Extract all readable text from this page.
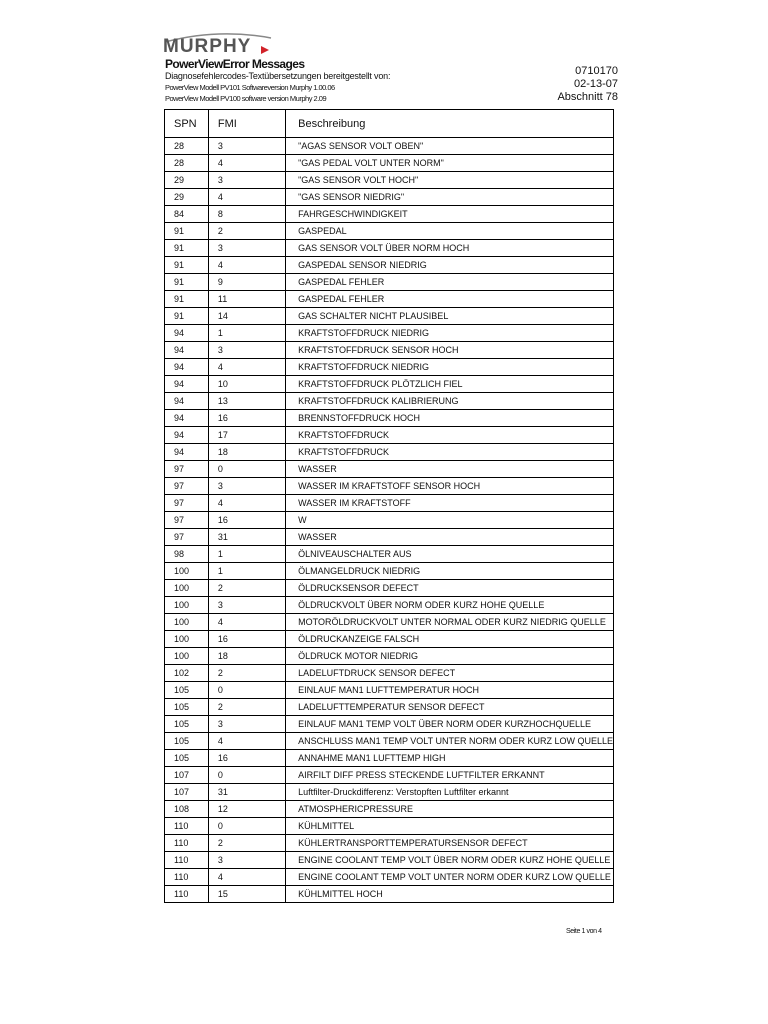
MURPHY
PowerViewError Messages
Diagnosefehlercodes-Textübersetzungen bereitgestellt von:
PowerView Modell PV101 Softwareversion Murphy 1.00.06
PowerView Modell PV100 software version Murphy 2.09
0710170
02-13-07
Abschnitt 78
SPN	FMI	Beschreibung
28	3	"AGAS SENSOR VOLT OBEN"
28	4	"GAS PEDAL VOLT UNTER NORM"
29	3	"GAS SENSOR VOLT HOCH"
29	4	"GAS SENSOR NIEDRIG"
84	8	FAHRGESCHWINDIGKEIT
91	2	GASPEDAL
91	3	GAS SENSOR VOLT ÜBER NORM HOCH
91	4	GASPEDAL SENSOR NIEDRIG
91	9	GASPEDAL FEHLER
91	11	GASPEDAL FEHLER
91	14	GAS SCHALTER NICHT PLAUSIBEL
94	1	KRAFTSTOFFDRUCK NIEDRIG
94	3	KRAFTSTOFFDRUCK SENSOR HOCH
94	4	KRAFTSTOFFDRUCK NIEDRIG
94	10	KRAFTSTOFFDRUCK PLÖTZLICH FIEL
94	13	KRAFTSTOFFDRUCK KALIBRIERUNG
94	16	BRENNSTOFFDRUCK HOCH
94	17	KRAFTSTOFFDRUCK
94	18	KRAFTSTOFFDRUCK
97	0	WASSER
97	3	WASSER IM KRAFTSTOFF SENSOR HOCH
97	4	WASSER IM KRAFTSTOFF
97	16	W
97	31	WASSER
98	1	ÖLNIVEAUSCHALTER AUS
100	1	ÖLMANGELDRUCK NIEDRIG
100	2	ÖLDRUCKSENSOR DEFECT
100	3	ÖLDRUCKVOLT ÜBER NORM ODER KURZ HOHE QUELLE
100	4	MOTORÖLDRUCKVOLT UNTER NORMAL ODER KURZ NIEDRIG QUELLE
100	16	ÖLDRUCKANZEIGE FALSCH
100	18	ÖLDRUCK MOTOR NIEDRIG
102	2	LADELUFTDRUCK SENSOR DEFECT
105	0	EINLAUF MAN1 LUFTTEMPERATUR HOCH
105	2	LADELUFTTEMPERATUR SENSOR DEFECT
105	3	EINLAUF MAN1 TEMP VOLT ÜBER NORM ODER KURZHOCHQUELLE
105	4	ANSCHLUSS MAN1 TEMP VOLT UNTER NORM ODER KURZ LOW QUELLE
105	16	ANNAHME MAN1 LUFTTEMP HIGH
107	0	AIRFILT DIFF PRESS STECKENDE LUFTFILTER ERKANNT
107	31	Luftfilter-Druckdifferenz: Verstopften Luftfilter erkannt
108	12	ATMOSPHERICPRESSURE
110	0	KÜHLMITTEL
110	2	KÜHLERTRANSPORTTEMPERATURSENSOR DEFECT
110	3	ENGINE COOLANT TEMP VOLT ÜBER NORM ODER KURZ HOHE QUELLE
110	4	ENGINE COOLANT TEMP VOLT UNTER NORM ODER KURZ LOW QUELLE
110	15	KÜHLMITTEL HOCH
Seite 1 von 4
